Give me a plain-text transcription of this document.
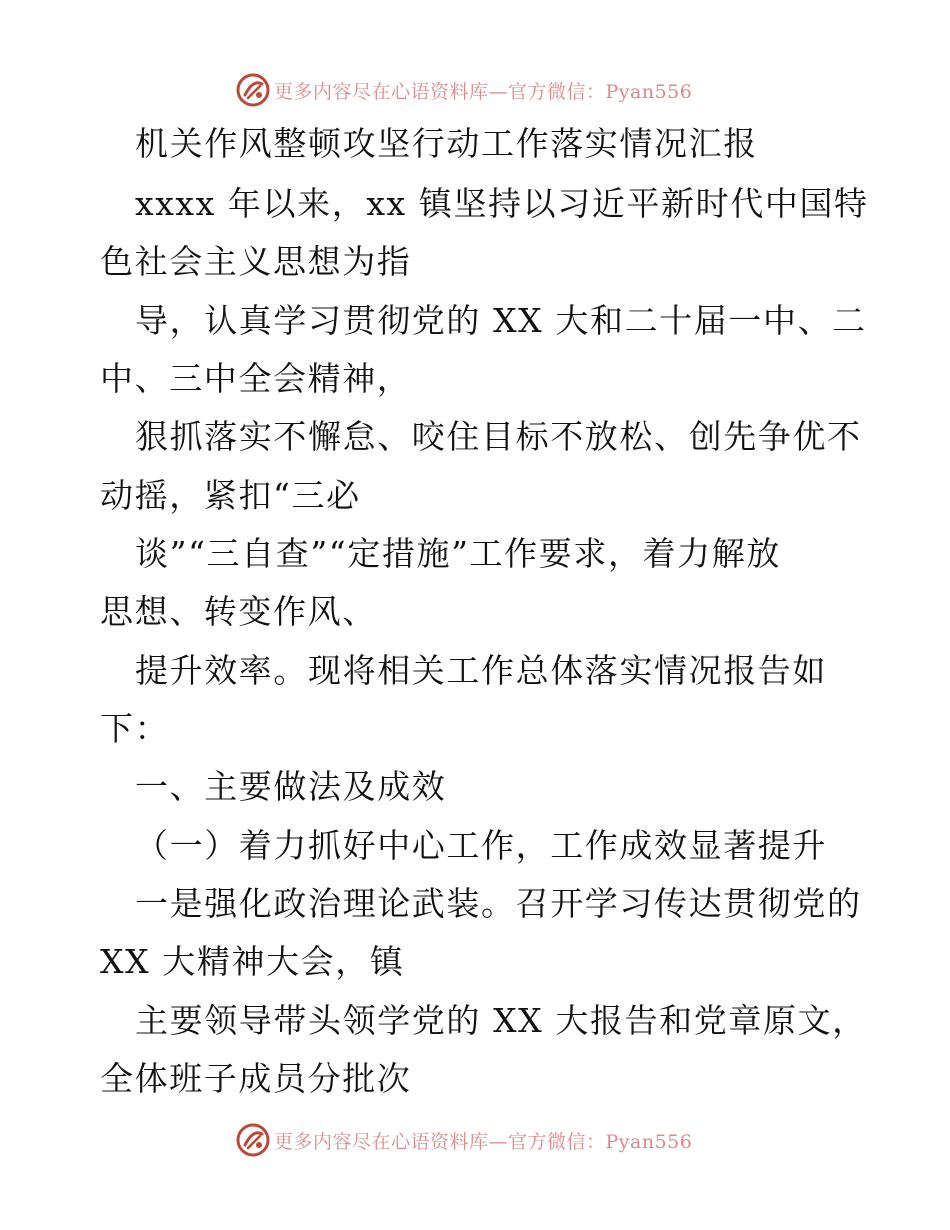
更多内容尽在心语资料库—官方微信：Pyan556
机关作风整顿攻坚行动工作落实情况汇报
xxxx 年以来，xx 镇坚持以习近平新时代中国特
色社会主义思想为指
导，认真学习贯彻党的 XX 大和二十届一中、二
中、三中全会精神，
狠抓落实不懈怠、咬住目标不放松、创先争优不
动摇，紧扣“三必
谈”“三自查”“定措施”工作要求，着力解放
思想、转变作风、
提升效率。现将相关工作总体落实情况报告如
下：
一、主要做法及成效
（一）着力抓好中心工作，工作成效显著提升
一是强化政治理论武装。召开学习传达贯彻党的
XX 大精神大会，镇
主要领导带头领学党的 XX 大报告和党章原文，
全体班子成员分批次
更多内容尽在心语资料库—官方微信：Pyan556
